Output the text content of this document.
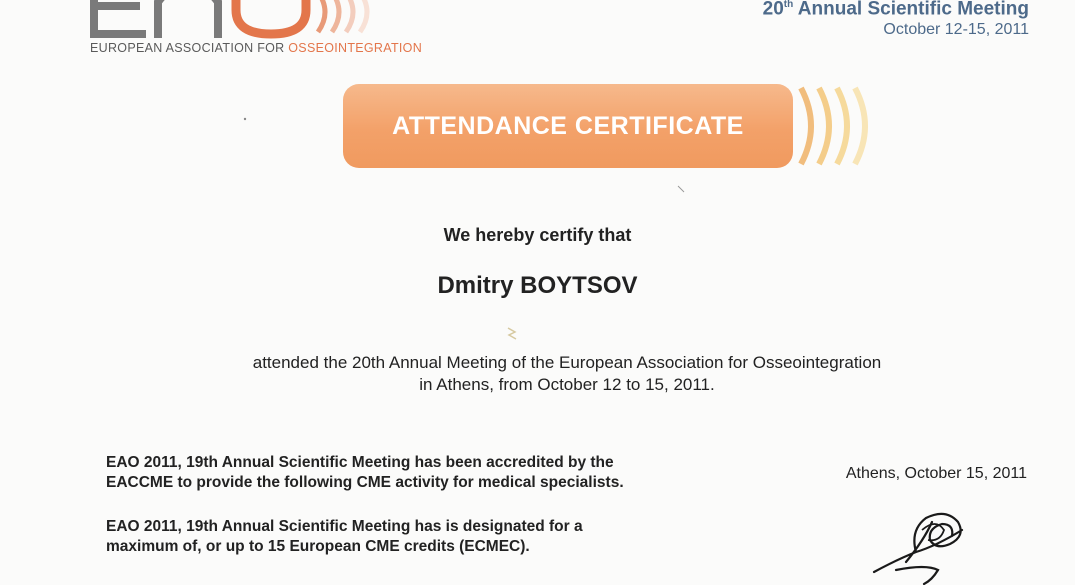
EUROPEAN ASSOCIATION FOR OSSEOINTEGRATION
20th Annual Scientific Meeting
October 12-15, 2011
ATTENDANCE CERTIFICATE
We hereby certify that
Dmitry BOYTSOV
attended the 20th Annual Meeting of the European Association for Osseointegration
in Athens, from October 12 to 15, 2011.
EAO 2011, 19th Annual Scientific Meeting has been accredited by the
EACCME to provide the following CME activity for medical specialists.
EAO 2011, 19th Annual Scientific Meeting has is designated for a
maximum of, or up to 15 European CME credits (ECMEC).
Athens, October 15, 2011
